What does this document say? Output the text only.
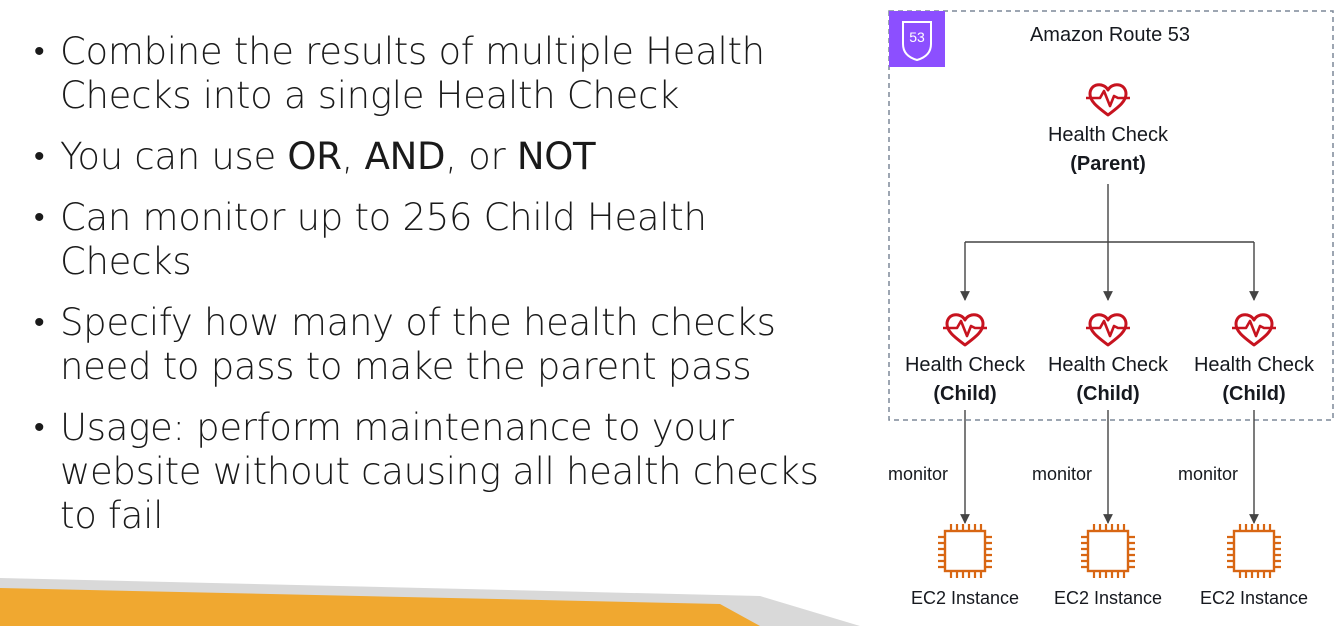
• Combine the results of multiple Health Checks into a single Health Check
• You can use OR, AND, or NOT
• Can monitor up to 256 Child Health Checks
• Specify how many of the health checks need to pass to make the parent pass
• Usage: perform maintenance to your website without causing all health checks to fail
53	Amazon Route 53
Health Check
(Parent)
Health Check
(Child)
Health Check
(Child)
Health Check
(Child)
monitor	monitor	monitor
EC2 Instance	EC2 Instance	EC2 Instance
